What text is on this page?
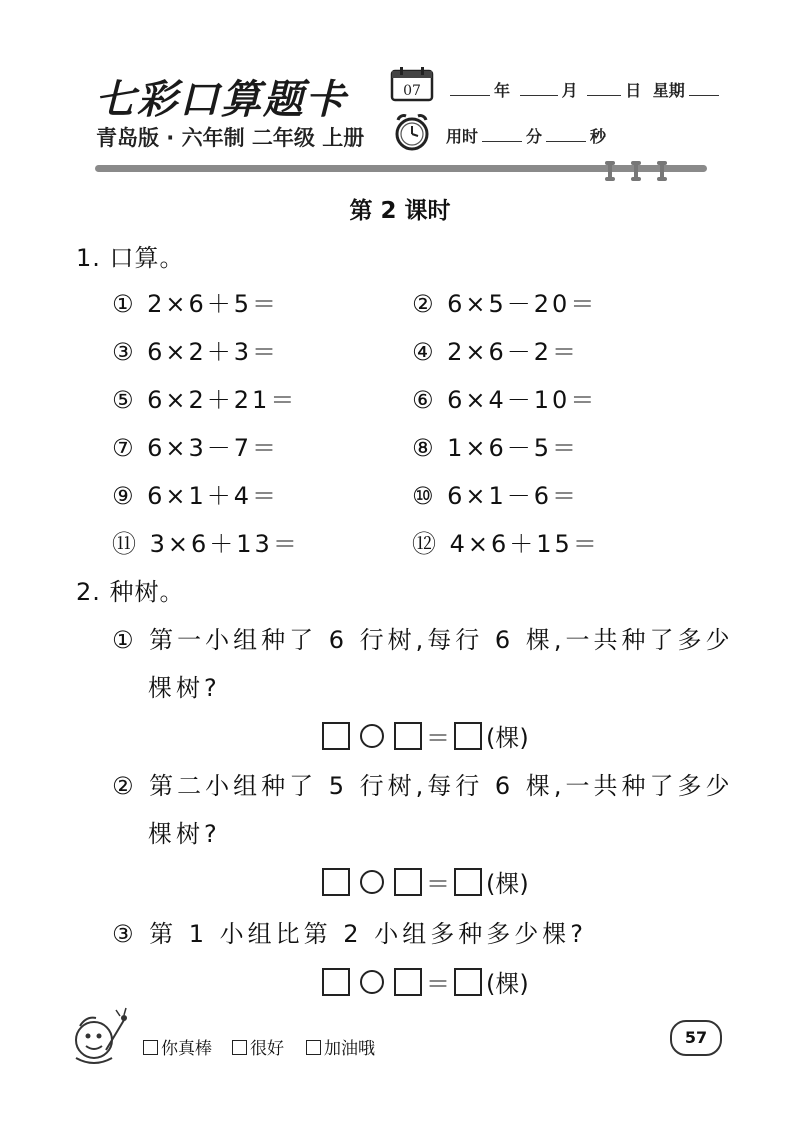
七彩口算题卡
青岛版 · 六年制 二年级 上册
07	年	月	日 星期
用时	分	秒
第 2 课时
1. 口算。
① 2×6＋5＝	② 6×5－20＝
③ 6×2＋3＝	④ 2×6－2＝
⑤ 6×2＋21＝	⑥ 6×4－10＝
⑦ 6×3－7＝	⑧ 1×6－5＝
⑨ 6×1＋4＝	⑩ 6×1－6＝
⑪ 3×6＋13＝	⑫ 4×6＋15＝
2. 种树。
① 第一小组种了 6 行树,每行 6 棵,一共种了多少
棵树?
＝ (棵)
② 第二小组种了 5 行树,每行 6 棵,一共种了多少
棵树?
＝ (棵)
③ 第 1 小组比第 2 小组多种多少棵?
＝ (棵)
你真棒	很好	加油哦
57
